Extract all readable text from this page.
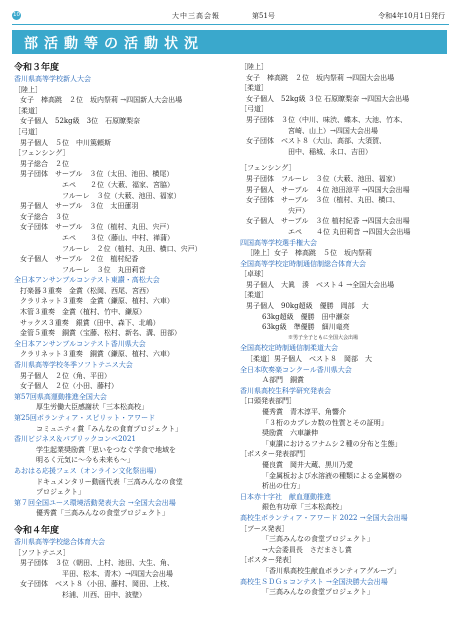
10	大中三高会報	第51号	令和4年10月1日発行
部活動等の活動状況
令和３年度
香川県高等学校新人大会
［陸上］
女子　棒高跳　２位　坂内祭莉 →四国新人大会出場
［柔道］
女子個人　52kg級　3位　石原瞭梨奈
［弓道］
男子個人　５位　中川篤頼斯
［フェンシング］
男子総合　２位
男子団体　サーブル　３位（太田、池田、横尾）
エペ　　２位（大薮、福家、宮脇）
フルーレ　３位（大薮、池田、福家）
男子個人　サーブル　３位　太田蓮羽
女子総合　３位
女子団体　サーブル　３位（植村、丸田、宍戸）
エペ　　３位（藤山、中村、禅蒲）
フルーレ　２位（植村、丸田、横口、宍戸）
女子個人　サーブル　２位　植村紀香
フルーレ　３位　丸田莉音
全日本アンサンブルコンテスト東讃・高松大会
打楽器３重奏　金賞（松岡、西尾、宮西）
クラリネット３重奏　金賞（鎌原、植村、六車）
木管３重奏　金賞（植村、竹中、鎌原）
サックス３重奏　銀賞（田中、森下、北嶋）
金管５重奏　銅賞（宝藤、松村、新名、溝、田部）
全日本アンサンブルコンテスト香川県大会
クラリネット３重奏　銅賞（鎌原、植村、六車）
香川県高等学校冬季ソフトテニス大会
男子個人　２位（角、平田）
女子個人　２位（小田、藤村）
第57回県高運動推進全国大会
厚生労働大臣感謝状「三本松高校」
第25回ボランティア・スピリット・アワード
コミュニティ賞「みんなの食育プロジェクト」
香川ビジネス＆パブリックコンペ2021
学生起業奨励賞「思いをつなぐ学食で地域を
明るく元気に～今も未来も～」
あおはる応援フェス（オンライン文化祭出場）
ドキュメンタリー動画代表「三高みんなの食堂
プロジェクト」
第７回全国ユース環境活動発表大会 →全国大会出場
優秀賞「三高みんなの食堂プロジェクト」
令和４年度
香川県高等学校総合体育大会
［ソフトテニス］
男子団体　３位（朝田、上村、池田、大生、角、
平田、松本、青木）→四国大会出場
女子団体　ベスト８（小田、藤村、岡田、上枝、
杉浦、川西、田中、波壁）
［陸上］
女子　棒高跳　２位　坂内祭莉 →四国大会出場
［柔道］
女子個人　52kg級 ３位 石原瞭梨奈 →四国大会出場
［弓道］
男子団体　３位（中川、味渋、蝶本、大池、竹本、
宮崎、山上）→四国大会出場
女子団体　ベスト８（大山、高部、大須賀、
田中、稲城、永口、吉田）
［フェンシング］
男子団体　フルーレ　３位（大薮、池田、福家）
男子個人　サーブル　４位 池田涼平 →四国大会出場
女子団体　サーブル　３位（植村、丸田、横口、
宍戸）
女子個人　サーブル　３位 植村紀香 →四国大会出場
エペ　　４位 丸田莉音 →四国大会出場
四国高等学校選手権大会
［陸上］女子　棒高跳　５位　坂内祭莉
全国高等学校定時制通信制総合体育大会
［卓球］
男子個人　大眞　湊　ベスト４ →全国大会出場
［柔道］
男子個人　90kg超級　優勝　岡部　大
63kg超級　優勝　田中瀬奈
63kg級　準優勝　細川竜亮
※男子全子ともに全国大会出場
全国高校定時制通信制柔道大会
［柔道］男子個人　ベスト８　岡部　大
全日本吹奏楽コンクール香川県大会
Ａ部門　銅賞
香川県高校生科学研究発表会
［口頭発表部門］
優秀賞　青木淳平、角響介
「３桁のカプレカ数の性質とその証明」
奨励賞　六車謙伸
「東讃におけるフナムシ２種の分布と生態」
［ポスター発表部門］
優良賞　岡井大蔵、黒川乃愛
「金属板および水溶液の種類による金属樹の
析出の仕方」
日本赤十字社　献血運動推進
銀色有功章「三本松高校」
高校生ボランティア・アワード 2022 →全国大会出場
［ブース発表］
「三高みんなの食堂プロジェクト」
→大会委員長　さだまさし賞
［ポスター発表］
「香川県高校生献血ボランティアグループ」
高校生ＳＤＧｓコンテスト →全国決勝大会出場
「三高みんなの食堂プロジェクト」
